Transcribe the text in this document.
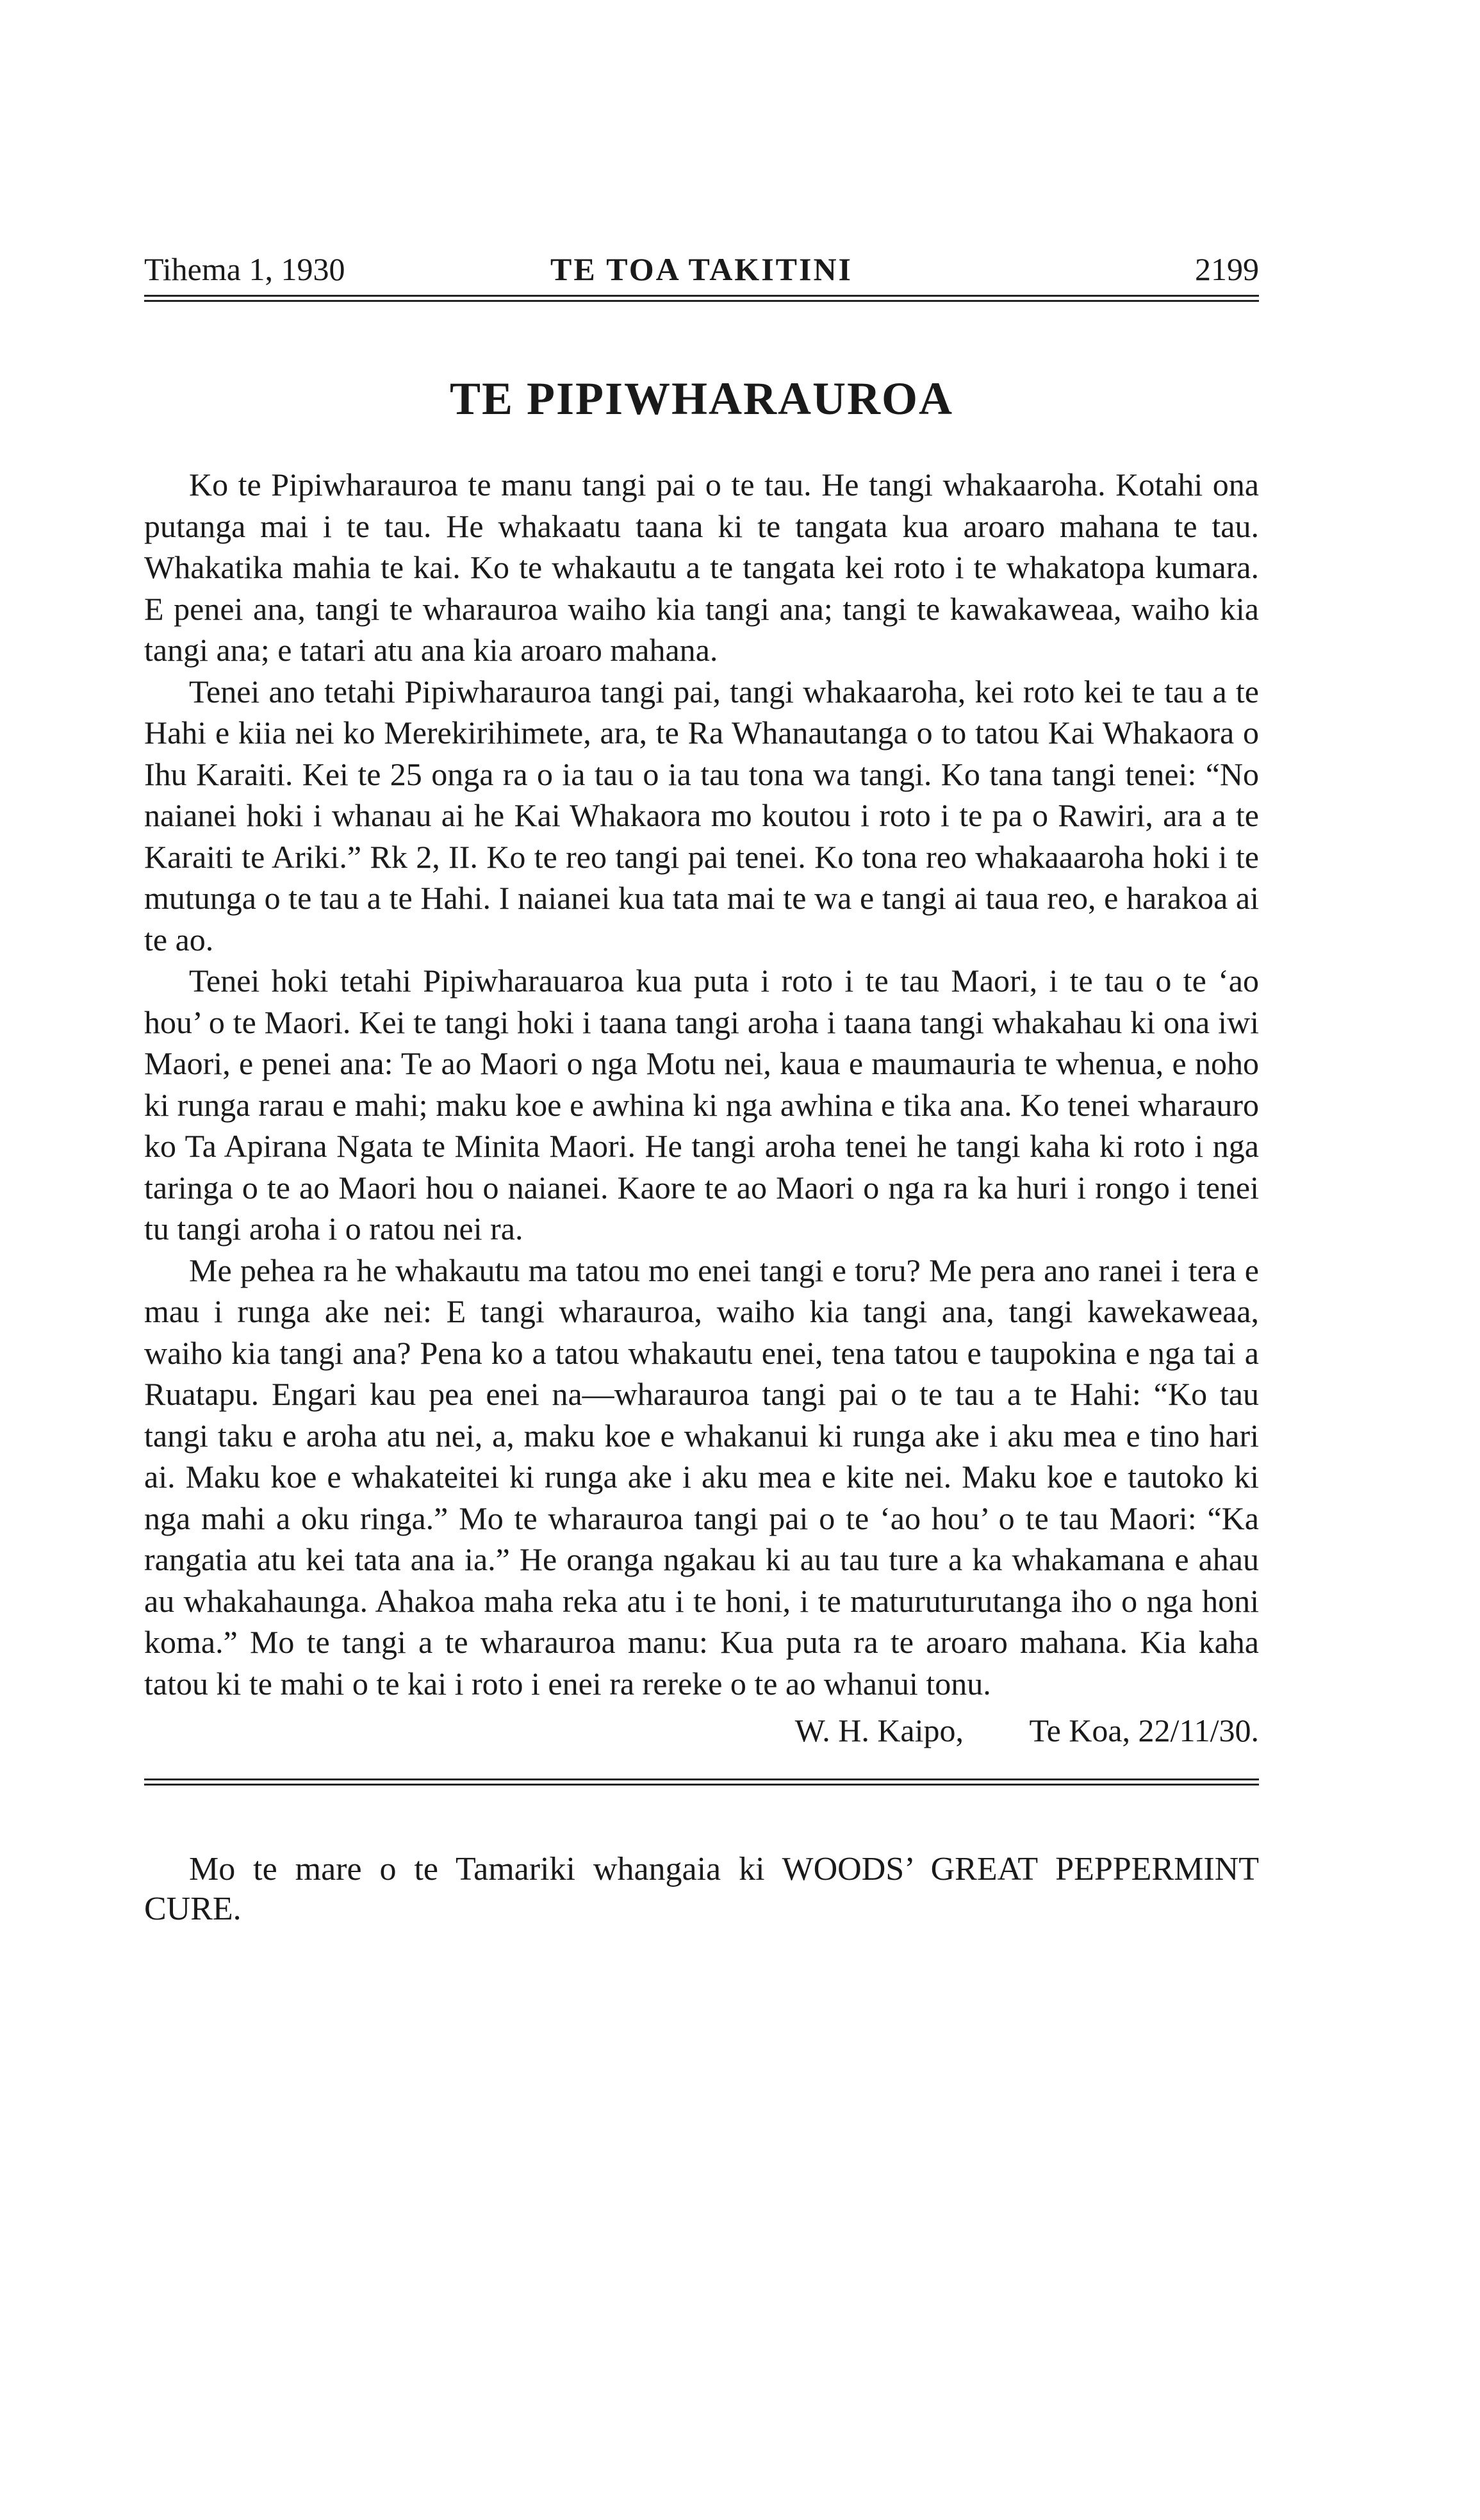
Tihema 1, 1930	TE TOA TAKITINI	2199
TE PIPIWHARAUROA

Ko te Pipiwharauroa te manu tangi pai o te tau. He tangi whakaaroha. Kotahi ona putanga mai i te tau. He whakaatu taana ki te tangata kua aroaro mahana te tau. Whakatika mahia te kai. Ko te whakautu a te tangata kei roto i te whakatopa kumara. E penei ana, tangi te wharauroa waiho kia tangi ana; tangi te kawakaweaa, waiho kia tangi ana; e tatari atu ana kia aroaro mahana.

Tenei ano tetahi Pipiwharauroa tangi pai, tangi whakaaroha, kei roto kei te tau a te Hahi e kiia nei ko Merekirihimete, ara, te Ra Whanautanga o to tatou Kai Whakaora o Ihu Karaiti. Kei te 25 onga ra o ia tau o ia tau tona wa tangi. Ko tana tangi tenei: “No naianei hoki i whanau ai he Kai Whakaora mo koutou i roto i te pa o Rawiri, ara a te Karaiti te Ariki.” Rk 2, II. Ko te reo tangi pai tenei. Ko tona reo whakaaaroha hoki i te mutunga o te tau a te Hahi. I naianei kua tata mai te wa e tangi ai taua reo, e harakoa ai te ao.

Tenei hoki tetahi Pipiwharauaroa kua puta i roto i te tau Maori, i te tau o te ‘ao hou’ o te Maori. Kei te tangi hoki i taana tangi aroha i taana tangi whakahau ki ona iwi Maori, e penei ana: Te ao Maori o nga Motu nei, kaua e maumauria te whenua, e noho ki runga rarau e mahi; maku koe e awhina ki nga awhina e tika ana. Ko tenei wharauro ko Ta Apirana Ngata te Minita Maori. He tangi aroha tenei he tangi kaha ki roto i nga taringa o te ao Maori hou o naianei. Kaore te ao Maori o nga ra ka huri i rongo i tenei tu tangi aroha i o ratou nei ra.

Me pehea ra he whakautu ma tatou mo enei tangi e toru? Me pera ano ranei i tera e mau i runga ake nei: E tangi wharauroa, waiho kia tangi ana, tangi kawekaweaa, waiho kia tangi ana? Pena ko a tatou whakautu enei, tena tatou e taupokina e nga tai a Ruatapu. Engari kau pea enei na—wharauroa tangi pai o te tau a te Hahi: “Ko tau tangi taku e aroha atu nei, a, maku koe e whakanui ki runga ake i aku mea e tino hari ai. Maku koe e whakateitei ki runga ake i aku mea e kite nei. Maku koe e tautoko ki nga mahi a oku ringa.” Mo te wharauroa tangi pai o te ‘ao hou’ o te tau Maori: “Ka rangatia atu kei tata ana ia.” He oranga ngakau ki au tau ture a ka whakamana e ahau au whakahaunga. Ahakoa maha reka atu i te honi, i te maturuturutanga iho o nga honi koma.” Mo te tangi a te wharauroa manu: Kua puta ra te aroaro mahana. Kia kaha tatou ki te mahi o te kai i roto i enei ra rereke o te ao whanui tonu.

W. H. Kaipo, Te Koa, 22/11/30.
Mo te mare o te Tamariki whangaia ki WOODS’ GREAT PEPPERMINT CURE.
